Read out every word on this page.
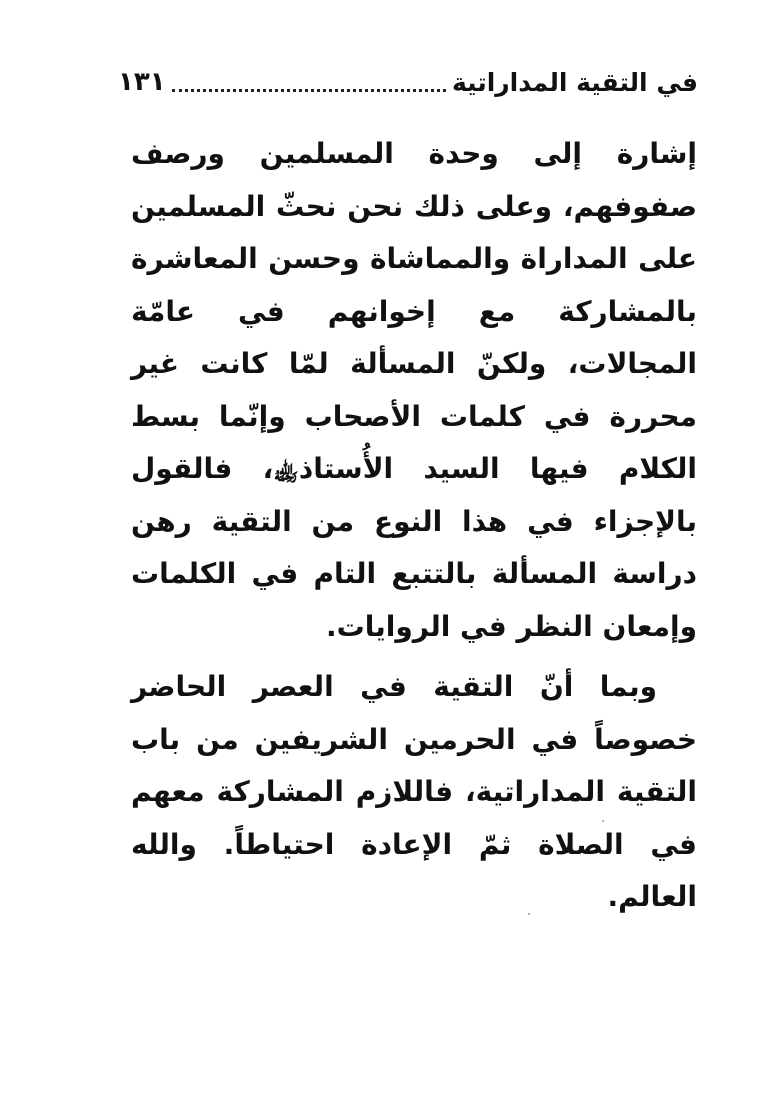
في التقية المداراتية
١٣١

إشارة إلى وحدة المسلمين ورصف صفوفهم، وعلى ذلك نحن نحثّ المسلمين على المداراة والمماشاة وحسن المعاشرة بالمشاركة مع إخوانهم في عامّة المجالات، ولكنّ المسألة لمّا كانت غير محررة في كلمات الأصحاب وإنّما بسط الكلام فيها السيد الأُستاذ﵀، فالقول بالإجزاء في هذا النوع من التقية رهن دراسة المسألة بالتتبع التام في الكلمات وإمعان النظر في الروايات.

وبما أنّ التقية في العصر الحاضر خصوصاً في الحرمين الشريفين من باب التقية المداراتية، فاللازم المشاركة معهم في الصلاة ثمّ الإعادة احتياطاً. والله العالم.
